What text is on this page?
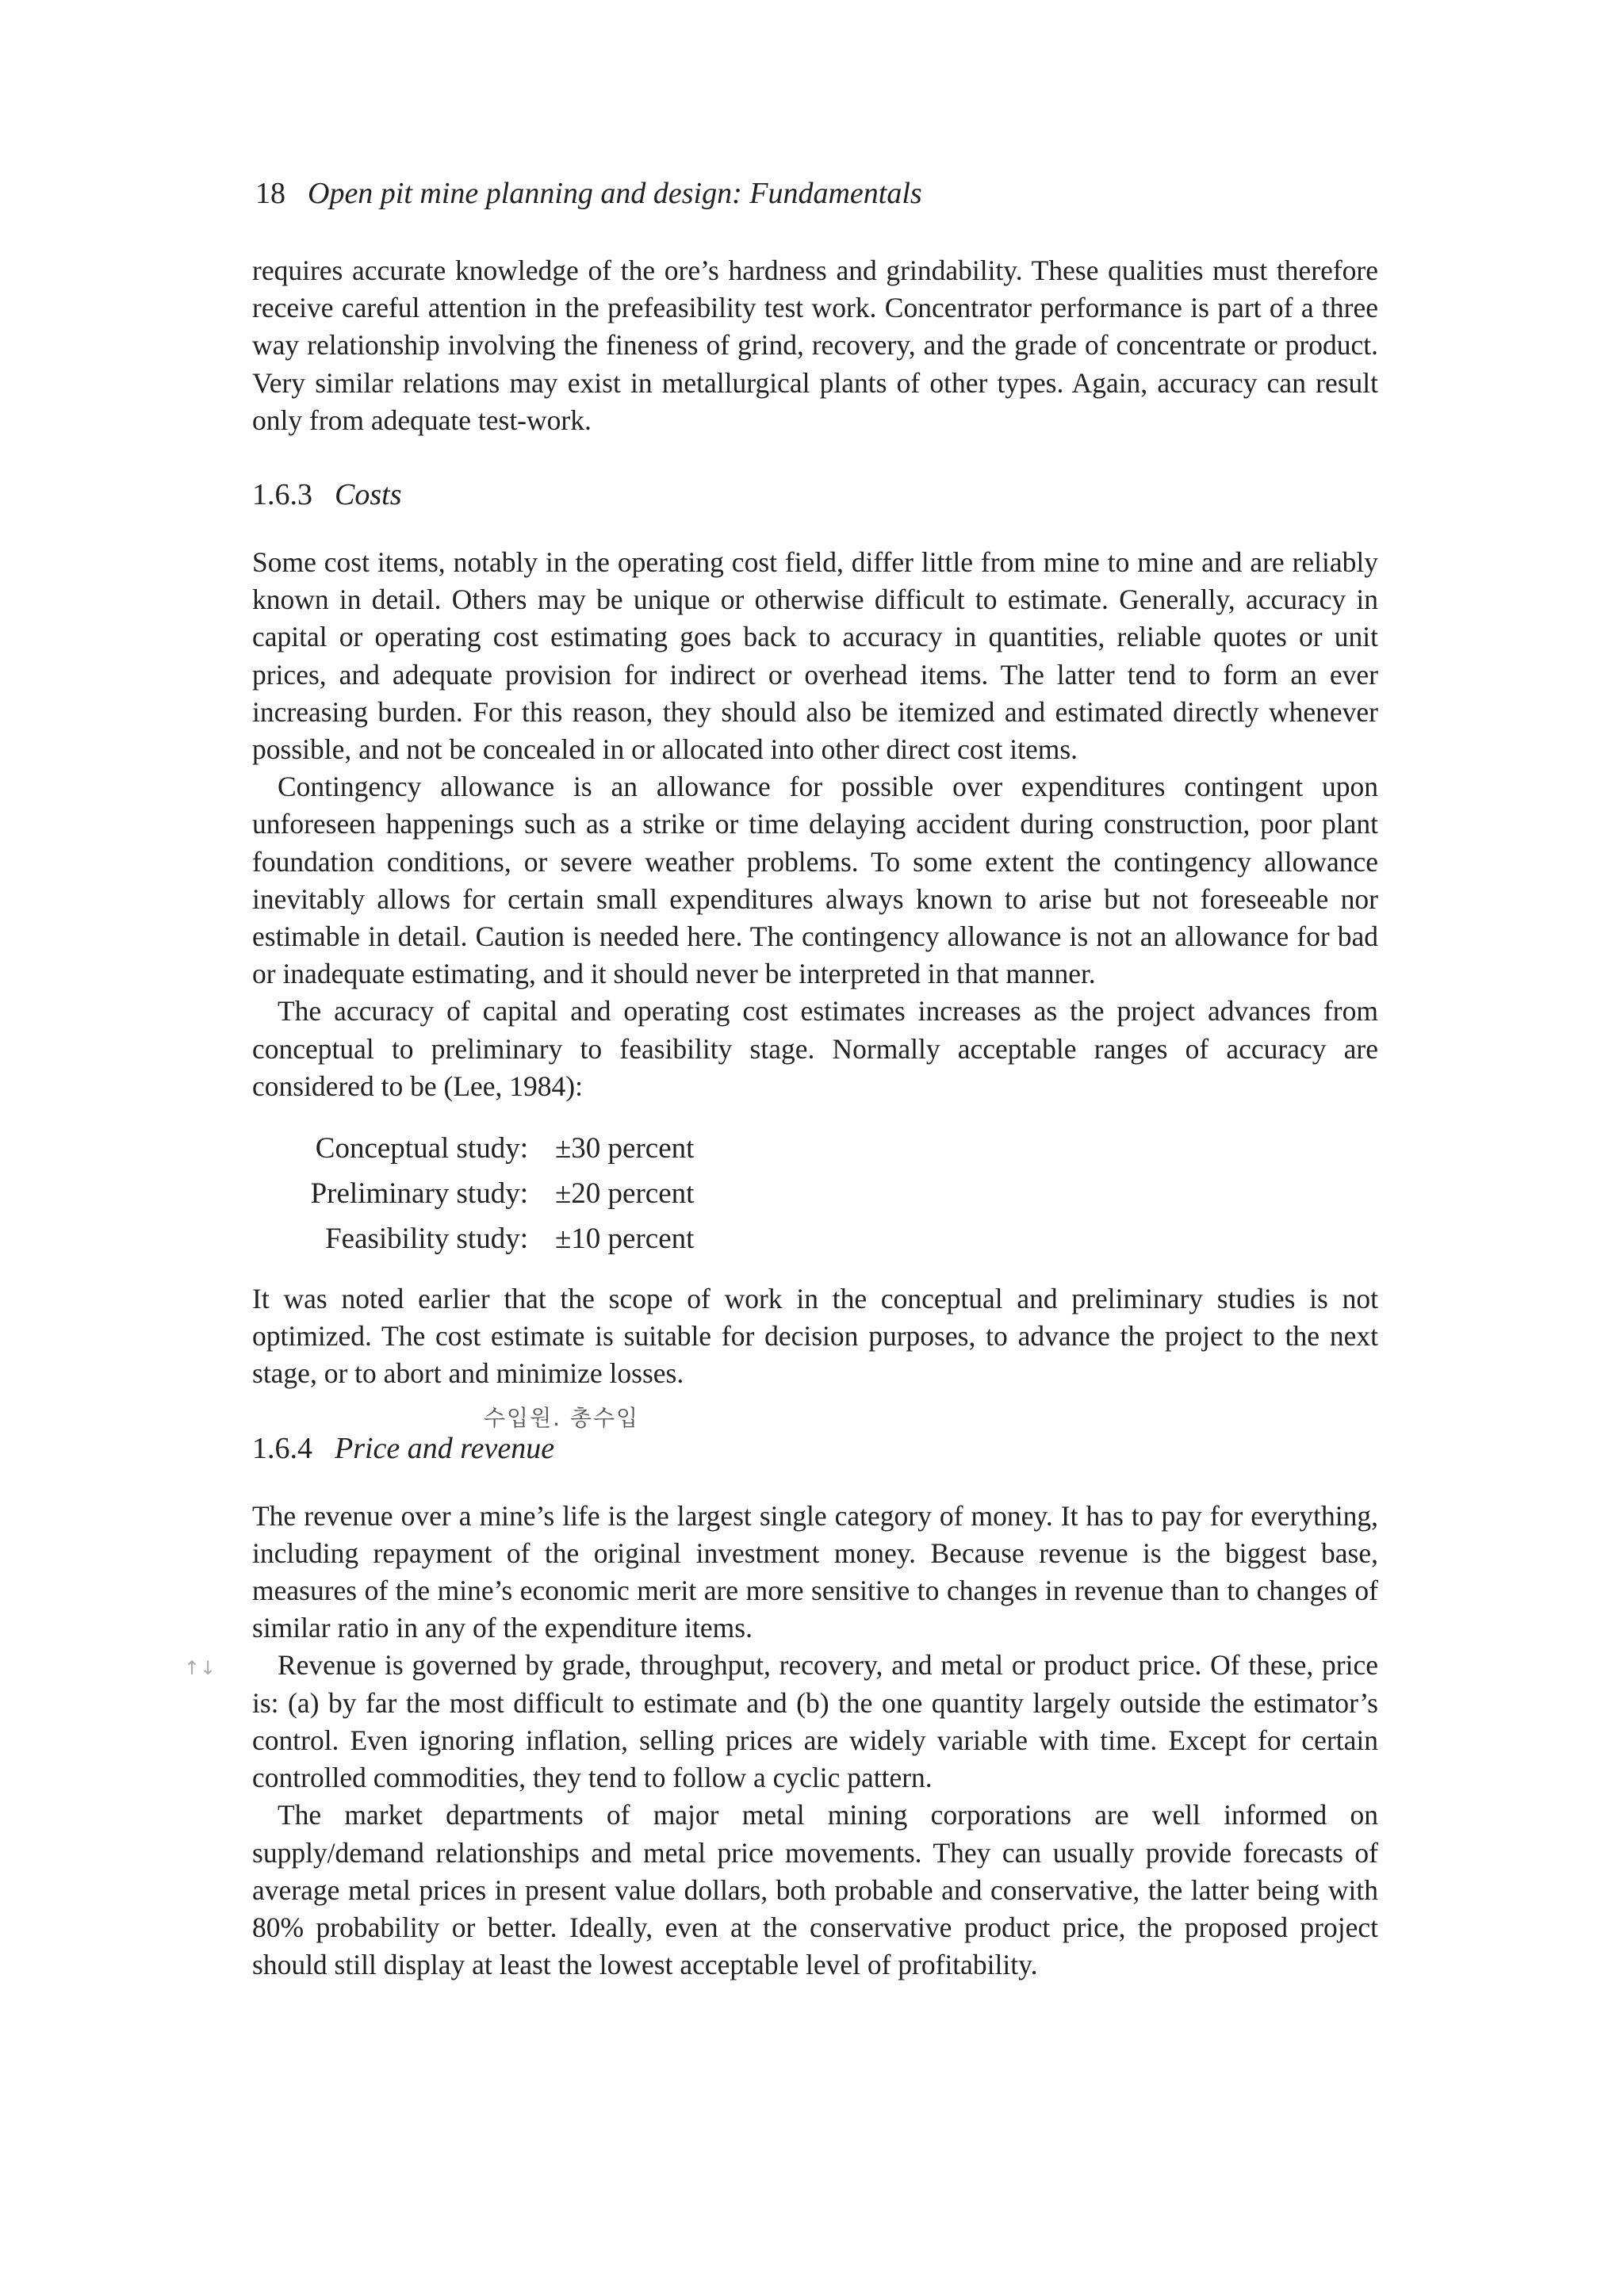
18 Open pit mine planning and design: Fundamentals

requires accurate knowledge of the ore’s hardness and grindability. These qualities must therefore receive careful attention in the prefeasibility test work. Concentrator performance is part of a three way relationship involving the fineness of grind, recovery, and the grade of concentrate or product. Very similar relations may exist in metallurgical plants of other types. Again, accuracy can result only from adequate test-work.

1.6.3 Costs

Some cost items, notably in the operating cost field, differ little from mine to mine and are reliably known in detail. Others may be unique or otherwise difficult to estimate. Generally, accuracy in capital or operating cost estimating goes back to accuracy in quantities, reliable quotes or unit prices, and adequate provision for indirect or overhead items. The latter tend to form an ever increasing burden. For this reason, they should also be itemized and estimated directly whenever possible, and not be concealed in or allocated into other direct cost items.

Contingency allowance is an allowance for possible over expenditures contingent upon unforeseen happenings such as a strike or time delaying accident during construction, poor plant foundation conditions, or severe weather problems. To some extent the contingency allowance inevitably allows for certain small expenditures always known to arise but not foreseeable nor estimable in detail. Caution is needed here. The contingency allowance is not an allowance for bad or inadequate estimating, and it should never be interpreted in that manner.

The accuracy of capital and operating cost estimates increases as the project advances from conceptual to preliminary to feasibility stage. Normally acceptable ranges of accuracy are considered to be (Lee, 1984):

Conceptual study: ±30 percent
Preliminary study: ±20 percent
Feasibility study: ±10 percent

It was noted earlier that the scope of work in the conceptual and preliminary studies is not optimized. The cost estimate is suitable for decision purposes, to advance the project to the next stage, or to abort and minimize losses.

수입원. 총수입
1.6.4 Price and revenue

The revenue over a mine’s life is the largest single category of money. It has to pay for everything, including repayment of the original investment money. Because revenue is the biggest base, measures of the mine’s economic merit are more sensitive to changes in revenue than to changes of similar ratio in any of the expenditure items.

Revenue is governed by grade, throughput, recovery, and metal or product price. Of these, price is: (a) by far the most difficult to estimate and (b) the one quantity largely outside the estimator’s control. Even ignoring inflation, selling prices are widely variable with time. Except for certain controlled commodities, they tend to follow a cyclic pattern.

The market departments of major metal mining corporations are well informed on supply/demand relationships and metal price movements. They can usually provide forecasts of average metal prices in present value dollars, both probable and conservative, the latter being with 80% probability or better. Ideally, even at the conservative product price, the proposed project should still display at least the lowest acceptable level of profitability.

↑↓
